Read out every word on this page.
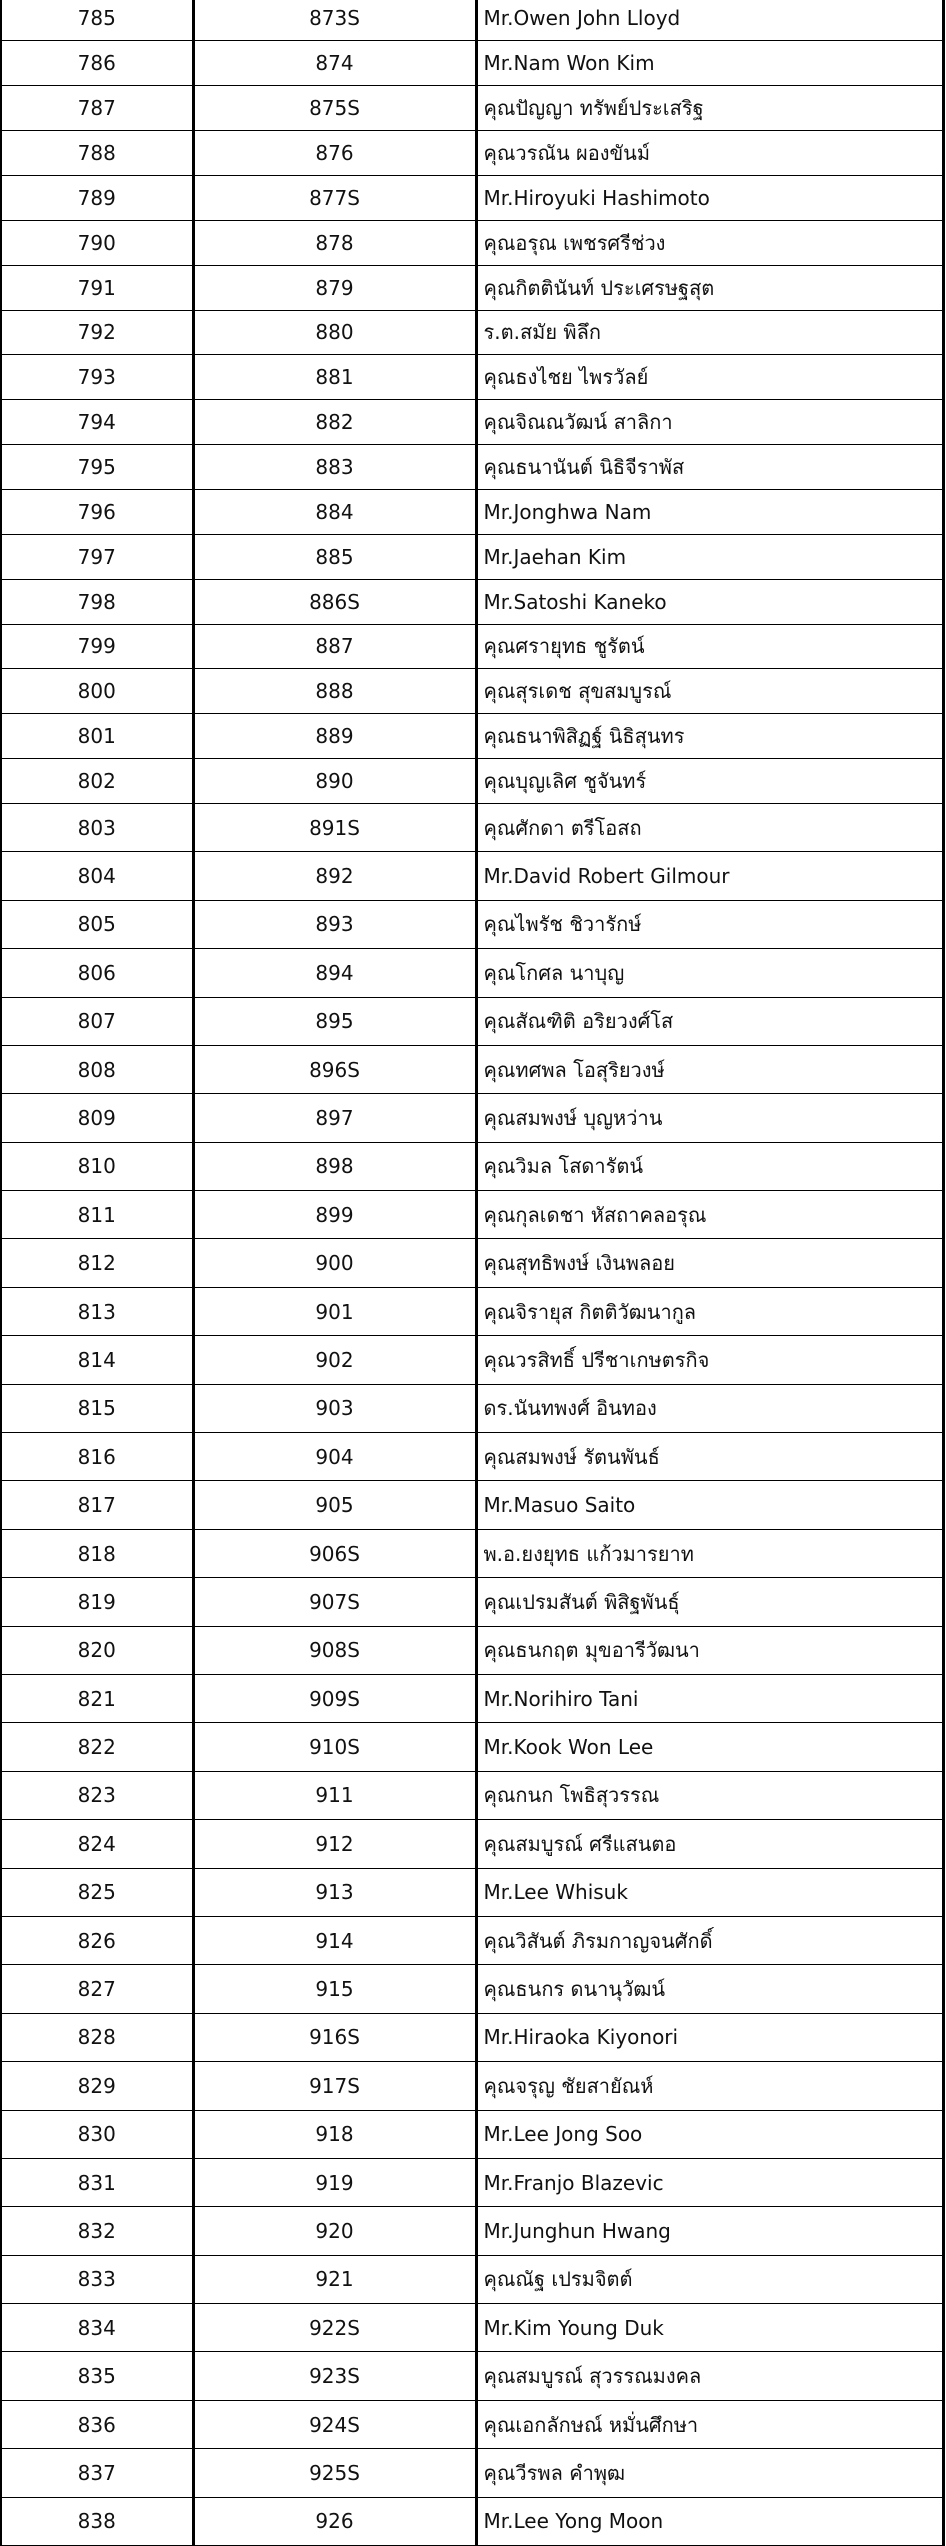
785	873S	Mr.Owen John Lloyd
786	874	Mr.Nam Won Kim
787	875S	คุณปัญญา ทรัพย์ประเสริฐ
788	876	คุณวรณัน ผองขันม์
789	877S	Mr.Hiroyuki Hashimoto
790	878	คุณอรุณ เพชรศรีช่วง
791	879	คุณกิตตินันท์ ประเศรษฐสุต
792	880	ร.ต.สมัย พิลึก
793	881	คุณธงไชย ไพรวัลย์
794	882	คุณจิณณวัฒน์ สาลิกา
795	883	คุณธนานันต์ นิธิจีราพัส
796	884	Mr.Jonghwa Nam
797	885	Mr.Jaehan Kim
798	886S	Mr.Satoshi Kaneko
799	887	คุณศรายุทธ ชูรัตน์
800	888	คุณสุรเดช สุขสมบูรณ์
801	889	คุณธนาพิสิฏฐ์ นิธิสุนทร
802	890	คุณบุญเลิศ ชูจันทร์
803	891S	คุณศักดา ตรีโอสถ
804	892	Mr.David Robert Gilmour
805	893	คุณไพรัช ชิวารักษ์
806	894	คุณโกศล นาบุญ
807	895	คุณสัณฑิติ อริยวงศ์โส
808	896S	คุณทศพล โอสุริยวงษ์
809	897	คุณสมพงษ์ บุญหว่าน
810	898	คุณวิมล โสดารัตน์
811	899	คุณกุลเดชา หัสถาคลอรุณ
812	900	คุณสุทธิพงษ์ เงินพลอย
813	901	คุณจิรายุส กิตติวัฒนากูล
814	902	คุณวรสิทธิ์ ปรีชาเกษตรกิจ
815	903	ดร.นันทพงศ์ อินทอง
816	904	คุณสมพงษ์ รัตนพันธ์
817	905	Mr.Masuo Saito
818	906S	พ.อ.ยงยุทธ แก้วมารยาท
819	907S	คุณเปรมสันต์ พิสิฐพันธุ์
820	908S	คุณธนกฤต มุขอารีวัฒนา
821	909S	Mr.Norihiro Tani
822	910S	Mr.Kook Won Lee
823	911	คุณกนก โพธิสุวรรณ
824	912	คุณสมบูรณ์ ศรีแสนตอ
825	913	Mr.Lee Whisuk
826	914	คุณวิสันต์ ภิรมกาญจนศักดิ์
827	915	คุณธนกร ดนานุวัฒน์
828	916S	Mr.Hiraoka Kiyonori
829	917S	คุณจรุญ ชัยสายัณห์
830	918	Mr.Lee Jong Soo
831	919	Mr.Franjo Blazevic
832	920	Mr.Junghun Hwang
833	921	คุณณัฐ เปรมจิตต์
834	922S	Mr.Kim Young Duk
835	923S	คุณสมบูรณ์ สุวรรณมงคล
836	924S	คุณเอกลักษณ์ หมั่นศึกษา
837	925S	คุณวีรพล คำพุฒ
838	926	Mr.Lee Yong Moon
